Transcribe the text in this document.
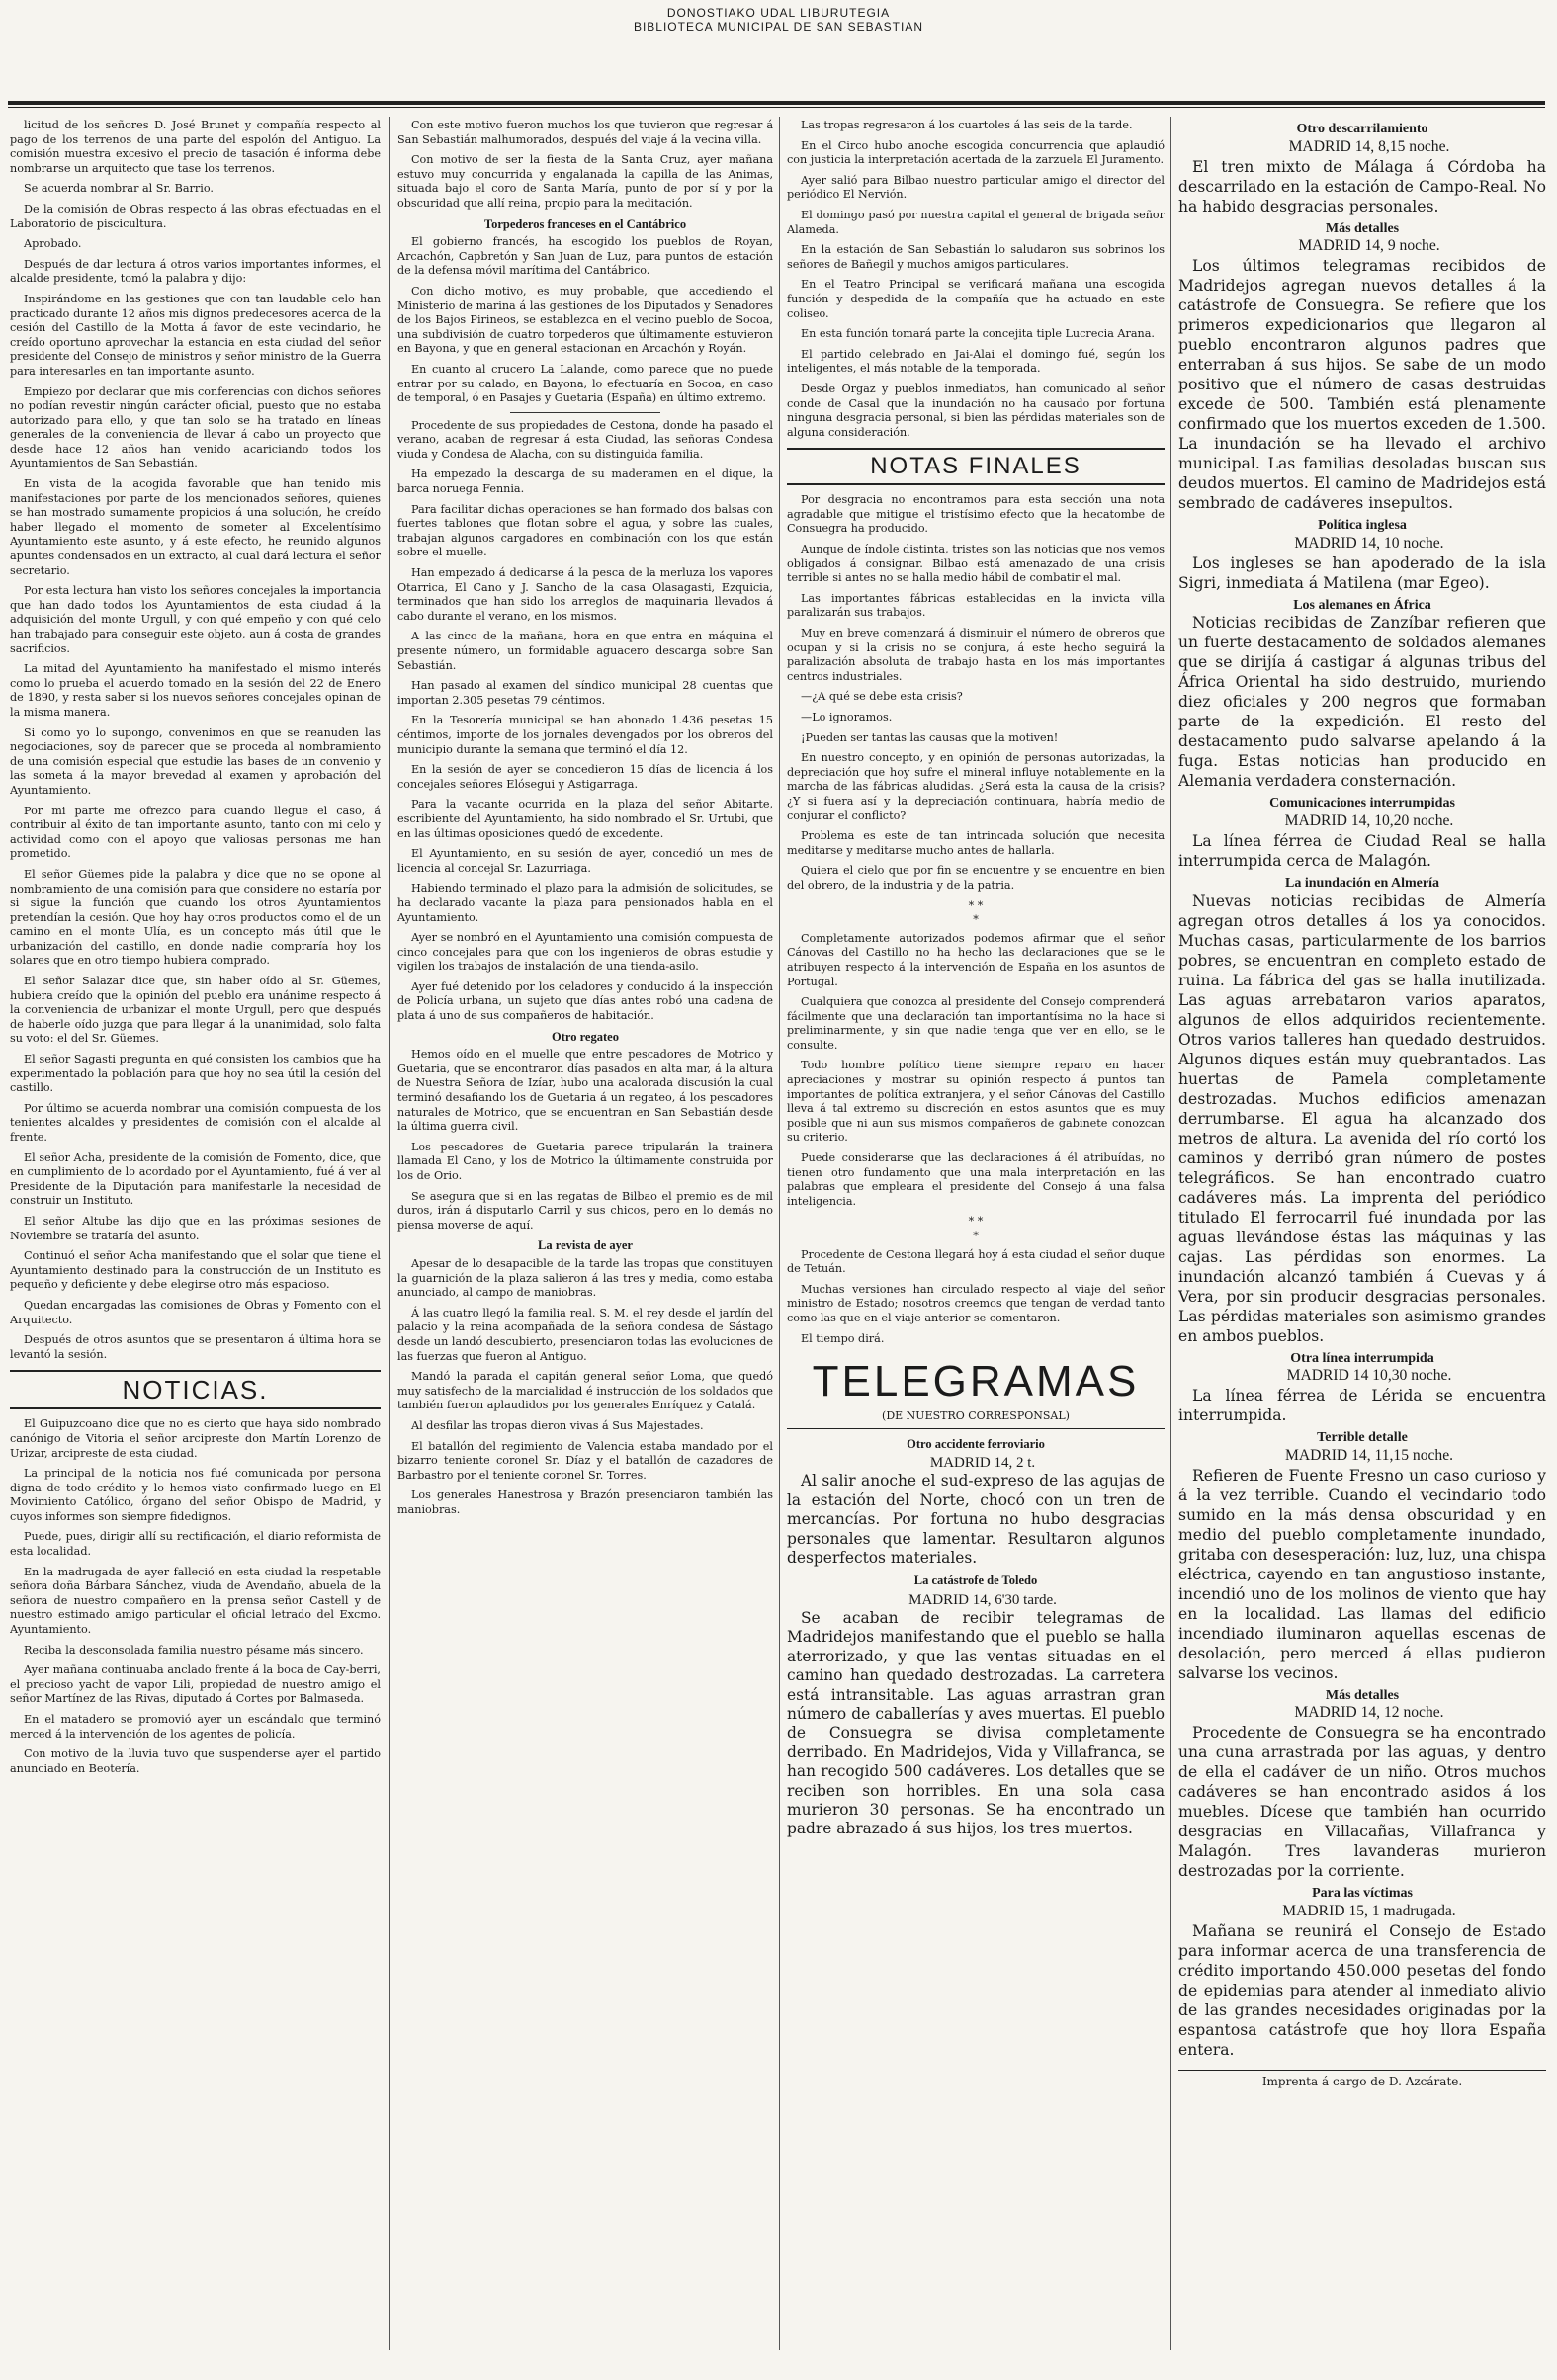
DONOSTIAKO UDAL LIBURUTEGIA
BIBLIOTECA MUNICIPAL DE SAN SEBASTIAN

licitud de los señores D. José Brunet y compañía respecto al pago de los terrenos de una parte del espolón del Antiguo. La comisión muestra excesivo el precio de tasación é informa debe nombrarse un arquitecto que tase los terrenos.

Se acuerda nombrar al Sr. Barrio.

De la comisión de Obras respecto á las obras efectuadas en el Laboratorio de piscicultura.

Aprobado.

Después de dar lectura á otros varios importantes informes, el alcalde presidente, tomó la palabra y dijo:

Inspirándome en las gestiones que con tan laudable celo han practicado durante 12 años mis dignos predecesores acerca de la cesión del Castillo de la Motta á favor de este vecindario, he creído oportuno aprovechar la estancia en esta ciudad del señor presidente del Consejo de ministros y señor ministro de la Guerra para interesarles en tan importante asunto.

Empiezo por declarar que mis conferencias con dichos señores no podían revestir ningún carácter oficial, puesto que no estaba autorizado para ello, y que tan solo se ha tratado en líneas generales de la conveniencia de llevar á cabo un proyecto que desde hace 12 años han venido acariciando todos los Ayuntamientos de San Sebastián.

En vista de la acogida favorable que han tenido mis manifestaciones por parte de los mencionados señores, quienes se han mostrado sumamente propicios á una solución, he creído haber llegado el momento de someter al Excelentísimo Ayuntamiento este asunto, y á este efecto, he reunido algunos apuntes condensados en un extracto, al cual dará lectura el señor secretario.

Por esta lectura han visto los señores concejales la importancia que han dado todos los Ayuntamientos de esta ciudad á la adquisición del monte Urgull, y con qué empeño y con qué celo han trabajado para conseguir este objeto, aun á costa de grandes sacrificios.

La mitad del Ayuntamiento ha manifestado el mismo interés como lo prueba el acuerdo tomado en la sesión del 22 de Enero de 1890, y resta saber si los nuevos señores concejales opinan de la misma manera.

Si como yo lo supongo, convenimos en que se reanuden las negociaciones, soy de parecer que se proceda al nombramiento de una comisión especial que estudie las bases de un convenio y las someta á la mayor brevedad al examen y aprobación del Ayuntamiento.

Por mi parte me ofrezco para cuando llegue el caso, á contribuir al éxito de tan importante asunto, tanto con mi celo y actividad como con el apoyo que valiosas personas me han prometido.

El señor Güemes pide la palabra y dice que no se opone al nombramiento de una comisión para que considere no estaría por si sigue la función que cuando los otros Ayuntamientos pretendían la cesión. Que hoy hay otros productos como el de un camino en el monte Ulía, es un concepto más útil que le urbanización del castillo, en donde nadie compraría hoy los solares que en otro tiempo hubiera comprado.

El señor Salazar dice que, sin haber oído al Sr. Güemes, hubiera creído que la opinión del pueblo era unánime respecto á la conveniencia de urbanizar el monte Urgull, pero que después de haberle oído juzga que para llegar á la unanimidad, solo falta su voto: el del Sr. Güemes.

El señor Sagasti pregunta en qué consisten los cambios que ha experimentado la población para que hoy no sea útil la cesión del castillo.

Por último se acuerda nombrar una comisión compuesta de los tenientes alcaldes y presidentes de comisión con el alcalde al frente.

El señor Acha, presidente de la comisión de Fomento, dice, que en cumplimiento de lo acordado por el Ayuntamiento, fué á ver al Presidente de la Diputación para manifestarle la necesidad de construir un Instituto.

El señor Altube las dijo que en las próximas sesiones de Noviembre se trataría del asunto.

Continuó el señor Acha manifestando que el solar que tiene el Ayuntamiento destinado para la construcción de un Instituto es pequeño y deficiente y debe elegirse otro más espacioso.

Quedan encargadas las comisiones de Obras y Fomento con el Arquitecto.

Después de otros asuntos que se presentaron á última hora se levantó la sesión.

NOTICIAS.

El Guipuzcoano dice que no es cierto que haya sido nombrado canónigo de Vitoria el señor arcipreste don Martín Lorenzo de Urizar, arcipreste de esta ciudad.

La principal de la noticia nos fué comunicada por persona digna de todo crédito y lo hemos visto confirmado luego en El Movimiento Católico, órgano del señor Obispo de Madrid, y cuyos informes son siempre fidedignos.

Puede, pues, dirigir allí su rectificación, el diario reformista de esta localidad.

En la madrugada de ayer falleció en esta ciudad la respetable señora doña Bárbara Sánchez, viuda de Avendaño, abuela de la señora de nuestro compañero en la prensa señor Castell y de nuestro estimado amigo particular el oficial letrado del Excmo. Ayuntamiento.

Reciba la desconsolada familia nuestro pésame más sincero.

Ayer mañana continuaba anclado frente á la boca de Cay-berri, el precioso yacht de vapor Lili, propiedad de nuestro amigo el señor Martínez de las Rivas, diputado á Cortes por Balmaseda.

En el matadero se promovió ayer un escándalo que terminó merced á la intervención de los agentes de policía.

Con motivo de la lluvia tuvo que suspenderse ayer el partido anunciado en Beotería.

Con este motivo fueron muchos los que tuvieron que regresar á San Sebastián malhumorados, después del viaje á la vecina villa.

Con motivo de ser la fiesta de la Santa Cruz, ayer mañana estuvo muy concurrida y engalanada la capilla de las Animas, situada bajo el coro de Santa María, punto de por sí y por la obscuridad que allí reina, propio para la meditación.

Torpederos franceses en el Cantábrico

El gobierno francés, ha escogido los pueblos de Royan, Arcachón, Capbretón y San Juan de Luz, para puntos de estación de la defensa móvil marítima del Cantábrico.

Con dicho motivo, es muy probable, que accediendo el Ministerio de marina á las gestiones de los Diputados y Senadores de los Bajos Pirineos, se establezca en el vecino pueblo de Socoa, una subdivisión de cuatro torpederos que últimamente estuvieron en Bayona, y que en general estacionan en Arcachón y Royán.

En cuanto al crucero La Lalande, como parece que no puede entrar por su calado, en Bayona, lo efectuaría en Socoa, en caso de temporal, ó en Pasajes y Guetaria (España) en último extremo.

Procedente de sus propiedades de Cestona, donde ha pasado el verano, acaban de regresar á esta Ciudad, las señoras Condesa viuda y Condesa de Alacha, con su distinguida familia.

Ha empezado la descarga de su maderamen en el dique, la barca noruega Fennia.

Para facilitar dichas operaciones se han formado dos balsas con fuertes tablones que flotan sobre el agua, y sobre las cuales, trabajan algunos cargadores en combinación con los que están sobre el muelle.

Han empezado á dedicarse á la pesca de la merluza los vapores Otarrica, El Cano y J. Sancho de la casa Olasagasti, Ezquicia, terminados que han sido los arreglos de maquinaria llevados á cabo durante el verano, en los mismos.

A las cinco de la mañana, hora en que entra en máquina el presente número, un formidable aguacero descarga sobre San Sebastián.

Han pasado al examen del síndico municipal 28 cuentas que importan 2.305 pesetas 79 céntimos.

En la Tesorería municipal se han abonado 1.436 pesetas 15 céntimos, importe de los jornales devengados por los obreros del municipio durante la semana que terminó el día 12.

En la sesión de ayer se concedieron 15 días de licencia á los concejales señores Elósegui y Astigarraga.

Para la vacante ocurrida en la plaza del señor Abitarte, escribiente del Ayuntamiento, ha sido nombrado el Sr. Urtubi, que en las últimas oposiciones quedó de excedente.

El Ayuntamiento, en su sesión de ayer, concedió un mes de licencia al concejal Sr. Lazurriaga.

Habiendo terminado el plazo para la admisión de solicitudes, se ha declarado vacante la plaza para pensionados habla en el Ayuntamiento.

Ayer se nombró en el Ayuntamiento una comisión compuesta de cinco concejales para que con los ingenieros de obras estudie y vigilen los trabajos de instalación de una tienda-asilo.

Ayer fué detenido por los celadores y conducido á la inspección de Policía urbana, un sujeto que días antes robó una cadena de plata á uno de sus compañeros de habitación.

Otro regateo

Hemos oído en el muelle que entre pescadores de Motrico y Guetaria, que se encontraron días pasados en alta mar, á la altura de Nuestra Señora de Izíar, hubo una acalorada discusión la cual terminó desafiando los de Guetaria á un regateo, á los pescadores naturales de Motrico, que se encuentran en San Sebastián desde la última guerra civil.

Los pescadores de Guetaria parece tripularán la trainera llamada El Cano, y los de Motrico la últimamente construida por los de Orio.

Se asegura que si en las regatas de Bilbao el premio es de mil duros, irán á disputarlo Carril y sus chicos, pero en lo demás no piensa moverse de aquí.

La revista de ayer

Apesar de lo desapacible de la tarde las tropas que constituyen la guarnición de la plaza salieron á las tres y media, como estaba anunciado, al campo de maniobras.

Á las cuatro llegó la familia real. S. M. el rey desde el jardín del palacio y la reina acompañada de la señora condesa de Sástago desde un landó descubierto, presenciaron todas las evoluciones de las fuerzas que fueron al Antiguo.

Mandó la parada el capitán general señor Loma, que quedó muy satisfecho de la marcialidad é instrucción de los soldados que también fueron aplaudidos por los generales Enríquez y Catalá.

Al desfilar las tropas dieron vivas á Sus Majestades.

El batallón del regimiento de Valencia estaba mandado por el bizarro teniente coronel Sr. Díaz y el batallón de cazadores de Barbastro por el teniente coronel Sr. Torres.

Los generales Hanestrosa y Brazón presenciaron también las maniobras.

Las tropas regresaron á los cuartoles á las seis de la tarde.

En el Circo hubo anoche escogida concurrencia que aplaudió con justicia la interpretación acertada de la zarzuela El Juramento.

Ayer salió para Bilbao nuestro particular amigo el director del periódico El Nervión.

El domingo pasó por nuestra capital el general de brigada señor Alameda.

En la estación de San Sebastián lo saludaron sus sobrinos los señores de Bañegil y muchos amigos particulares.

En el Teatro Principal se verificará mañana una escogida función y despedida de la compañía que ha actuado en este coliseo.

En esta función tomará parte la concejita tiple Lucrecia Arana.

El partido celebrado en Jai-Alai el domingo fué, según los inteligentes, el más notable de la temporada.

Desde Orgaz y pueblos inmediatos, han comunicado al señor conde de Casal que la inundación no ha causado por fortuna ninguna desgracia personal, si bien las pérdidas materiales son de alguna consideración.

NOTAS FINALES

Por desgracia no encontramos para esta sección una nota agradable que mitigue el tristísimo efecto que la hecatombe de Consuegra ha producido.

Aunque de índole distinta, tristes son las noticias que nos vemos obligados á consignar. Bilbao está amenazado de una crisis terrible si antes no se halla medio hábil de combatir el mal.

Las importantes fábricas establecidas en la invicta villa paralizarán sus trabajos.

Muy en breve comenzará á disminuir el número de obreros que ocupan y si la crisis no se conjura, á este hecho seguirá la paralización absoluta de trabajo hasta en los más importantes centros industriales.

—¿A qué se debe esta crisis?

—Lo ignoramos.

¡Pueden ser tantas las causas que la motiven!

En nuestro concepto, y en opinión de personas autorizadas, la depreciación que hoy sufre el mineral influye notablemente en la marcha de las fábricas aludidas. ¿Será esta la causa de la crisis? ¿Y si fuera así y la depreciación continuara, habría medio de conjurar el conflicto?

Problema es este de tan intrincada solución que necesita meditarse y meditarse mucho antes de hallarla.

Quiera el cielo que por fin se encuentre y se encuentre en bien del obrero, de la industria y de la patria.

* *
*

Completamente autorizados podemos afirmar que el señor Cánovas del Castillo no ha hecho las declaraciones que se le atribuyen respecto á la intervención de España en los asuntos de Portugal.

Cualquiera que conozca al presidente del Consejo comprenderá fácilmente que una declaración tan importantísima no la hace si preliminarmente, y sin que nadie tenga que ver en ello, se le consulte.

Todo hombre político tiene siempre reparo en hacer apreciaciones y mostrar su opinión respecto á puntos tan importantes de política extranjera, y el señor Cánovas del Castillo lleva á tal extremo su discreción en estos asuntos que es muy posible que ni aun sus mismos compañeros de gabinete conozcan su criterio.

Puede considerarse que las declaraciones á él atribuídas, no tienen otro fundamento que una mala interpretación en las palabras que empleara el presidente del Consejo á una falsa inteligencia.

* *
*

Procedente de Cestona llegará hoy á esta ciudad el señor duque de Tetuán.

Muchas versiones han circulado respecto al viaje del señor ministro de Estado; nosotros creemos que tengan de verdad tanto como las que en el viaje anterior se comentaron.

El tiempo dirá.

TELEGRAMAS
(DE NUESTRO CORRESPONSAL)
Otro accidente ferroviario

MADRID 14, 2 t.

Al salir anoche el sud-expreso de las agujas de la estación del Norte, chocó con un tren de mercancías. Por fortuna no hubo desgracias personales que lamentar. Resultaron algunos desperfectos materiales.

La catástrofe de Toledo

MADRID 14, 6'30 tarde.

Se acaban de recibir telegramas de Madridejos manifestando que el pueblo se halla aterrorizado, y que las ventas situadas en el camino han quedado destrozadas. La carretera está intransitable. Las aguas arrastran gran número de caballerías y aves muertas. El pueblo de Consuegra se divisa completamente derribado. En Madridejos, Vida y Villafranca, se han recogido 500 cadáveres. Los detalles que se reciben son horribles. En una sola casa murieron 30 personas. Se ha encontrado un padre abrazado á sus hijos, los tres muertos.

Otro descarrilamiento

MADRID 14, 8,15 noche.

El tren mixto de Málaga á Córdoba ha descarrilado en la estación de Campo-Real. No ha habido desgracias personales.

Más detalles

MADRID 14, 9 noche.

Los últimos telegramas recibidos de Madridejos agregan nuevos detalles á la catástrofe de Consuegra. Se refiere que los primeros expedicionarios que llegaron al pueblo encontraron algunos padres que enterraban á sus hijos. Se sabe de un modo positivo que el número de casas destruidas excede de 500. También está plenamente confirmado que los muertos exceden de 1.500. La inundación se ha llevado el archivo municipal. Las familias desoladas buscan sus deudos muertos. El camino de Madridejos está sembrado de cadáveres insepultos.

Política inglesa

MADRID 14, 10 noche.

Los ingleses se han apoderado de la isla Sigri, inmediata á Matilena (mar Egeo).

Los alemanes en África

Noticias recibidas de Zanzíbar refieren que un fuerte destacamento de soldados alemanes que se dirijía á castigar á algunas tribus del África Oriental ha sido destruido, muriendo diez oficiales y 200 negros que formaban parte de la expedición. El resto del destacamento pudo salvarse apelando á la fuga. Estas noticias han producido en Alemania verdadera consternación.

Comunicaciones interrumpidas

MADRID 14, 10,20 noche.

La línea férrea de Ciudad Real se halla interrumpida cerca de Malagón.

La inundación en Almería

Nuevas noticias recibidas de Almería agregan otros detalles á los ya conocidos. Muchas casas, particularmente de los barrios pobres, se encuentran en completo estado de ruina. La fábrica del gas se halla inutilizada. Las aguas arrebataron varios aparatos, algunos de ellos adquiridos recientemente. Otros varios talleres han quedado destruidos. Algunos diques están muy quebrantados. Las huertas de Pamela completamente destrozadas. Muchos edificios amenazan derrumbarse. El agua ha alcanzado dos metros de altura. La avenida del río cortó los caminos y derribó gran número de postes telegráficos. Se han encontrado cuatro cadáveres más. La imprenta del periódico titulado El ferrocarril fué inundada por las aguas llevándose éstas las máquinas y las cajas. Las pérdidas son enormes. La inundación alcanzó también á Cuevas y á Vera, por sin producir desgracias personales. Las pérdidas materiales son asimismo grandes en ambos pueblos.

Otra línea interrumpida

MADRID 14 10,30 noche.

La línea férrea de Lérida se encuentra interrumpida.

Terrible detalle

MADRID 14, 11,15 noche.

Refieren de Fuente Fresno un caso curioso y á la vez terrible. Cuando el vecindario todo sumido en la más densa obscuridad y en medio del pueblo completamente inundado, gritaba con desesperación: luz, luz, una chispa eléctrica, cayendo en tan angustioso instante, incendió uno de los molinos de viento que hay en la localidad. Las llamas del edificio incendiado iluminaron aquellas escenas de desolación, pero merced á ellas pudieron salvarse los vecinos.

Más detalles

MADRID 14, 12 noche.

Procedente de Consuegra se ha encontrado una cuna arrastrada por las aguas, y dentro de ella el cadáver de un niño. Otros muchos cadáveres se han encontrado asidos á los muebles. Dícese que también han ocurrido desgracias en Villacañas, Villafranca y Malagón. Tres lavanderas murieron destrozadas por la corriente.

Para las víctimas

MADRID 15, 1 madrugada.

Mañana se reunirá el Consejo de Estado para informar acerca de una transferencia de crédito importando 450.000 pesetas del fondo de epidemias para atender al inmediato alivio de las grandes necesidades originadas por la espantosa catástrofe que hoy llora España entera.

Imprenta á cargo de D. Azcárate.
